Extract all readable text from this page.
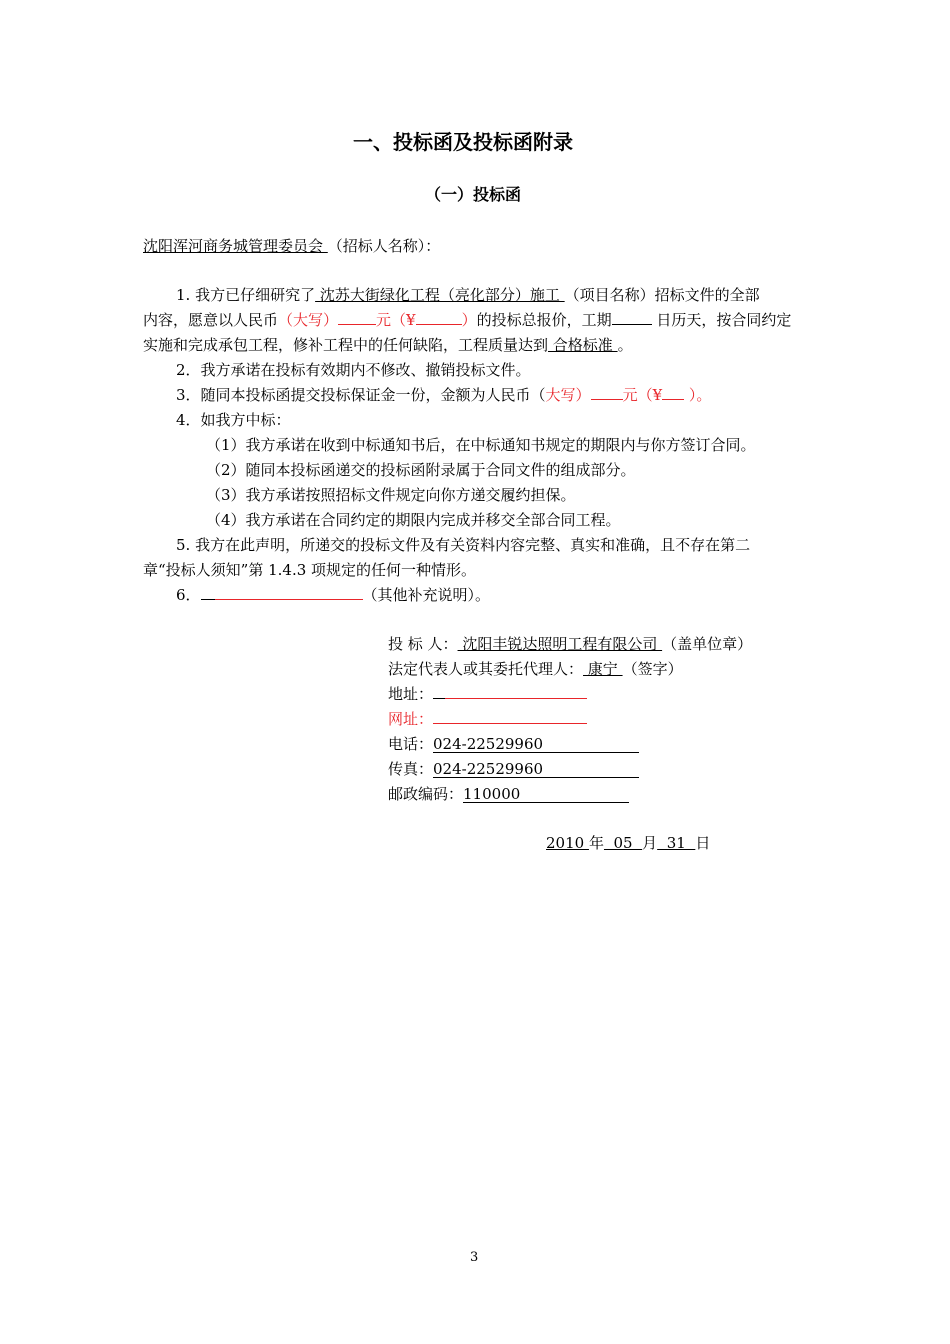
一、投标函及投标函附录
（一）投标函
沈阳浑河商务城管理委员会 （招标人名称）：
1. 我方已仔细研究了 沈苏大街绿化工程（亮化部分）施工 （项目名称）招标文件的全部
内容，愿意以人民币（大写）	元（¥	）的投标总报价，工期	日历天，按合同约定
实施和完成承包工程，修补工程中的任何缺陷，工程质量达到 合格标准 。
2．我方承诺在投标有效期内不修改、撤销投标文件。
3．随同本投标函提交投标保证金一份，金额为人民币（大写） 元（¥ ）。
4．如我方中标：
（1）我方承诺在收到中标通知书后，在中标通知书规定的期限内与你方签订合同。
（2）随同本投标函递交的投标函附录属于合同文件的组成部分。
（3）我方承诺按照招标文件规定向你方递交履约担保。
（4）我方承诺在合同约定的期限内完成并移交全部合同工程。
5. 我方在此声明，所递交的投标文件及有关资料内容完整、真实和准确，且不存在第二
章“投标人须知”第 1.4.3 项规定的任何一种情形。
6．	（其他补充说明）。
投 标 人： 沈阳丰锐达照明工程有限公司 （盖单位章）
法定代表人或其委托代理人： 康宁 （签字）
地址：
网址：
电话：024-22529960
传真：024-22529960
邮政编码：110000
2010 年  05  月  31  日
3
